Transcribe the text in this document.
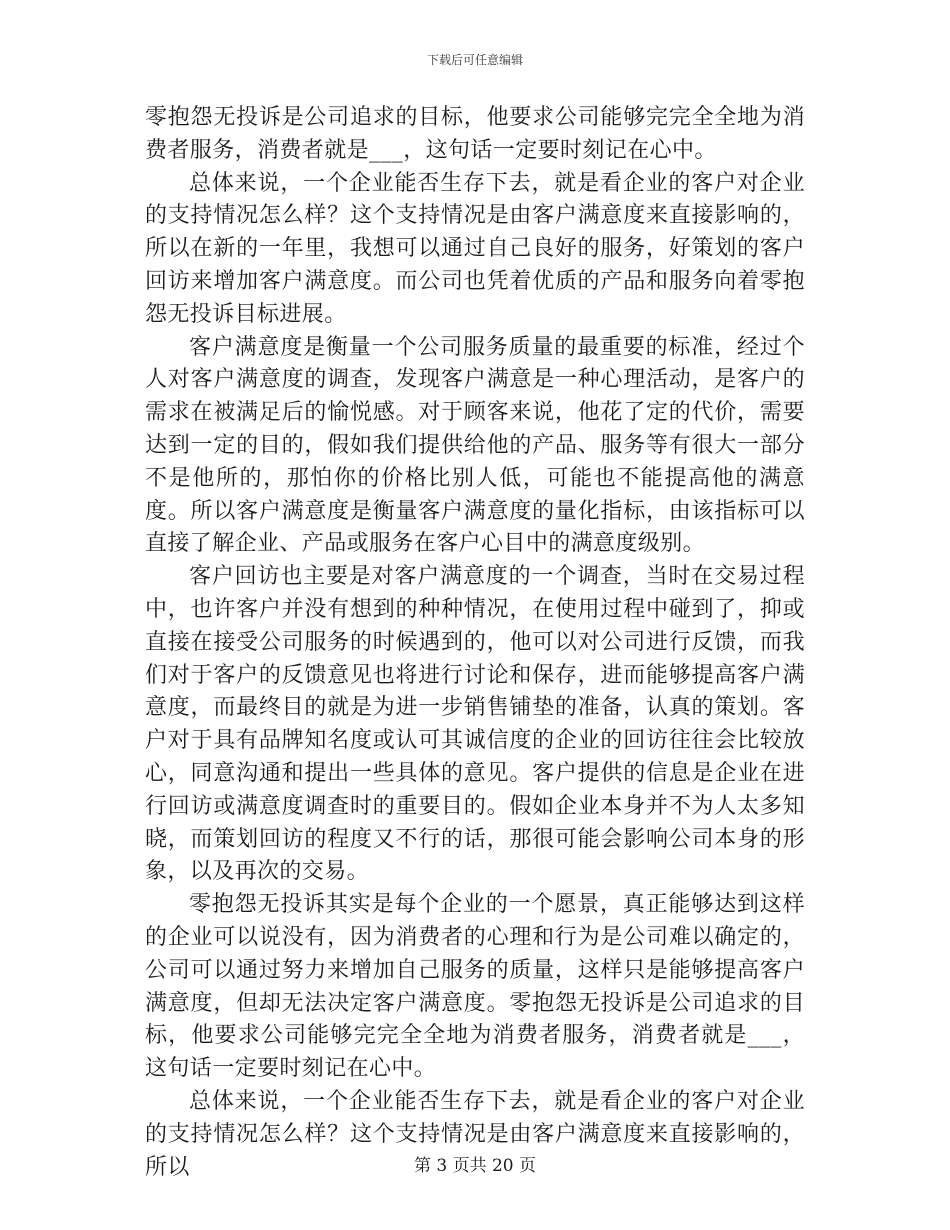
下载后可任意编辑

零抱怨无投诉是公司追求的目标，他要求公司能够完完全全地为消费者服务，消费者就是___，这句话一定要时刻记在心中。

总体来说，一个企业能否生存下去，就是看企业的客户对企业的支持情况怎么样？这个支持情况是由客户满意度来直接影响的，所以在新的一年里，我想可以通过自己良好的服务，好策划的客户回访来增加客户满意度。而公司也凭着优质的产品和服务向着零抱怨无投诉目标进展。

客户满意度是衡量一个公司服务质量的最重要的标准，经过个人对客户满意度的调查，发现客户满意是一种心理活动，是客户的需求在被满足后的愉悦感。对于顾客来说，他花了定的代价，需要达到一定的目的，假如我们提供给他的产品、服务等有很大一部分不是他所的，那怕你的价格比别人低，可能也不能提高他的满意度。所以客户满意度是衡量客户满意度的量化指标，由该指标可以直接了解企业、产品或服务在客户心目中的满意度级别。

客户回访也主要是对客户满意度的一个调查，当时在交易过程中，也许客户并没有想到的种种情况，在使用过程中碰到了，抑或直接在接受公司服务的时候遇到的，他可以对公司进行反馈，而我们对于客户的反馈意见也将进行讨论和保存，进而能够提高客户满意度，而最终目的就是为进一步销售铺垫的准备，认真的策划。客户对于具有品牌知名度或认可其诚信度的企业的回访往往会比较放心，同意沟通和提出一些具体的意见。客户提供的信息是企业在进行回访或满意度调查时的重要目的。假如企业本身并不为人太多知晓，而策划回访的程度又不行的话，那很可能会影响公司本身的形象，以及再次的交易。

零抱怨无投诉其实是每个企业的一个愿景，真正能够达到这样的企业可以说没有，因为消费者的心理和行为是公司难以确定的，公司可以通过努力来增加自己服务的质量，这样只是能够提高客户满意度，但却无法决定客户满意度。零抱怨无投诉是公司追求的目标，他要求公司能够完完全全地为消费者服务，消费者就是___，这句话一定要时刻记在心中。

总体来说，一个企业能否生存下去，就是看企业的客户对企业的支持情况怎么样？这个支持情况是由客户满意度来直接影响的，所以	第 3 页共 20 页
